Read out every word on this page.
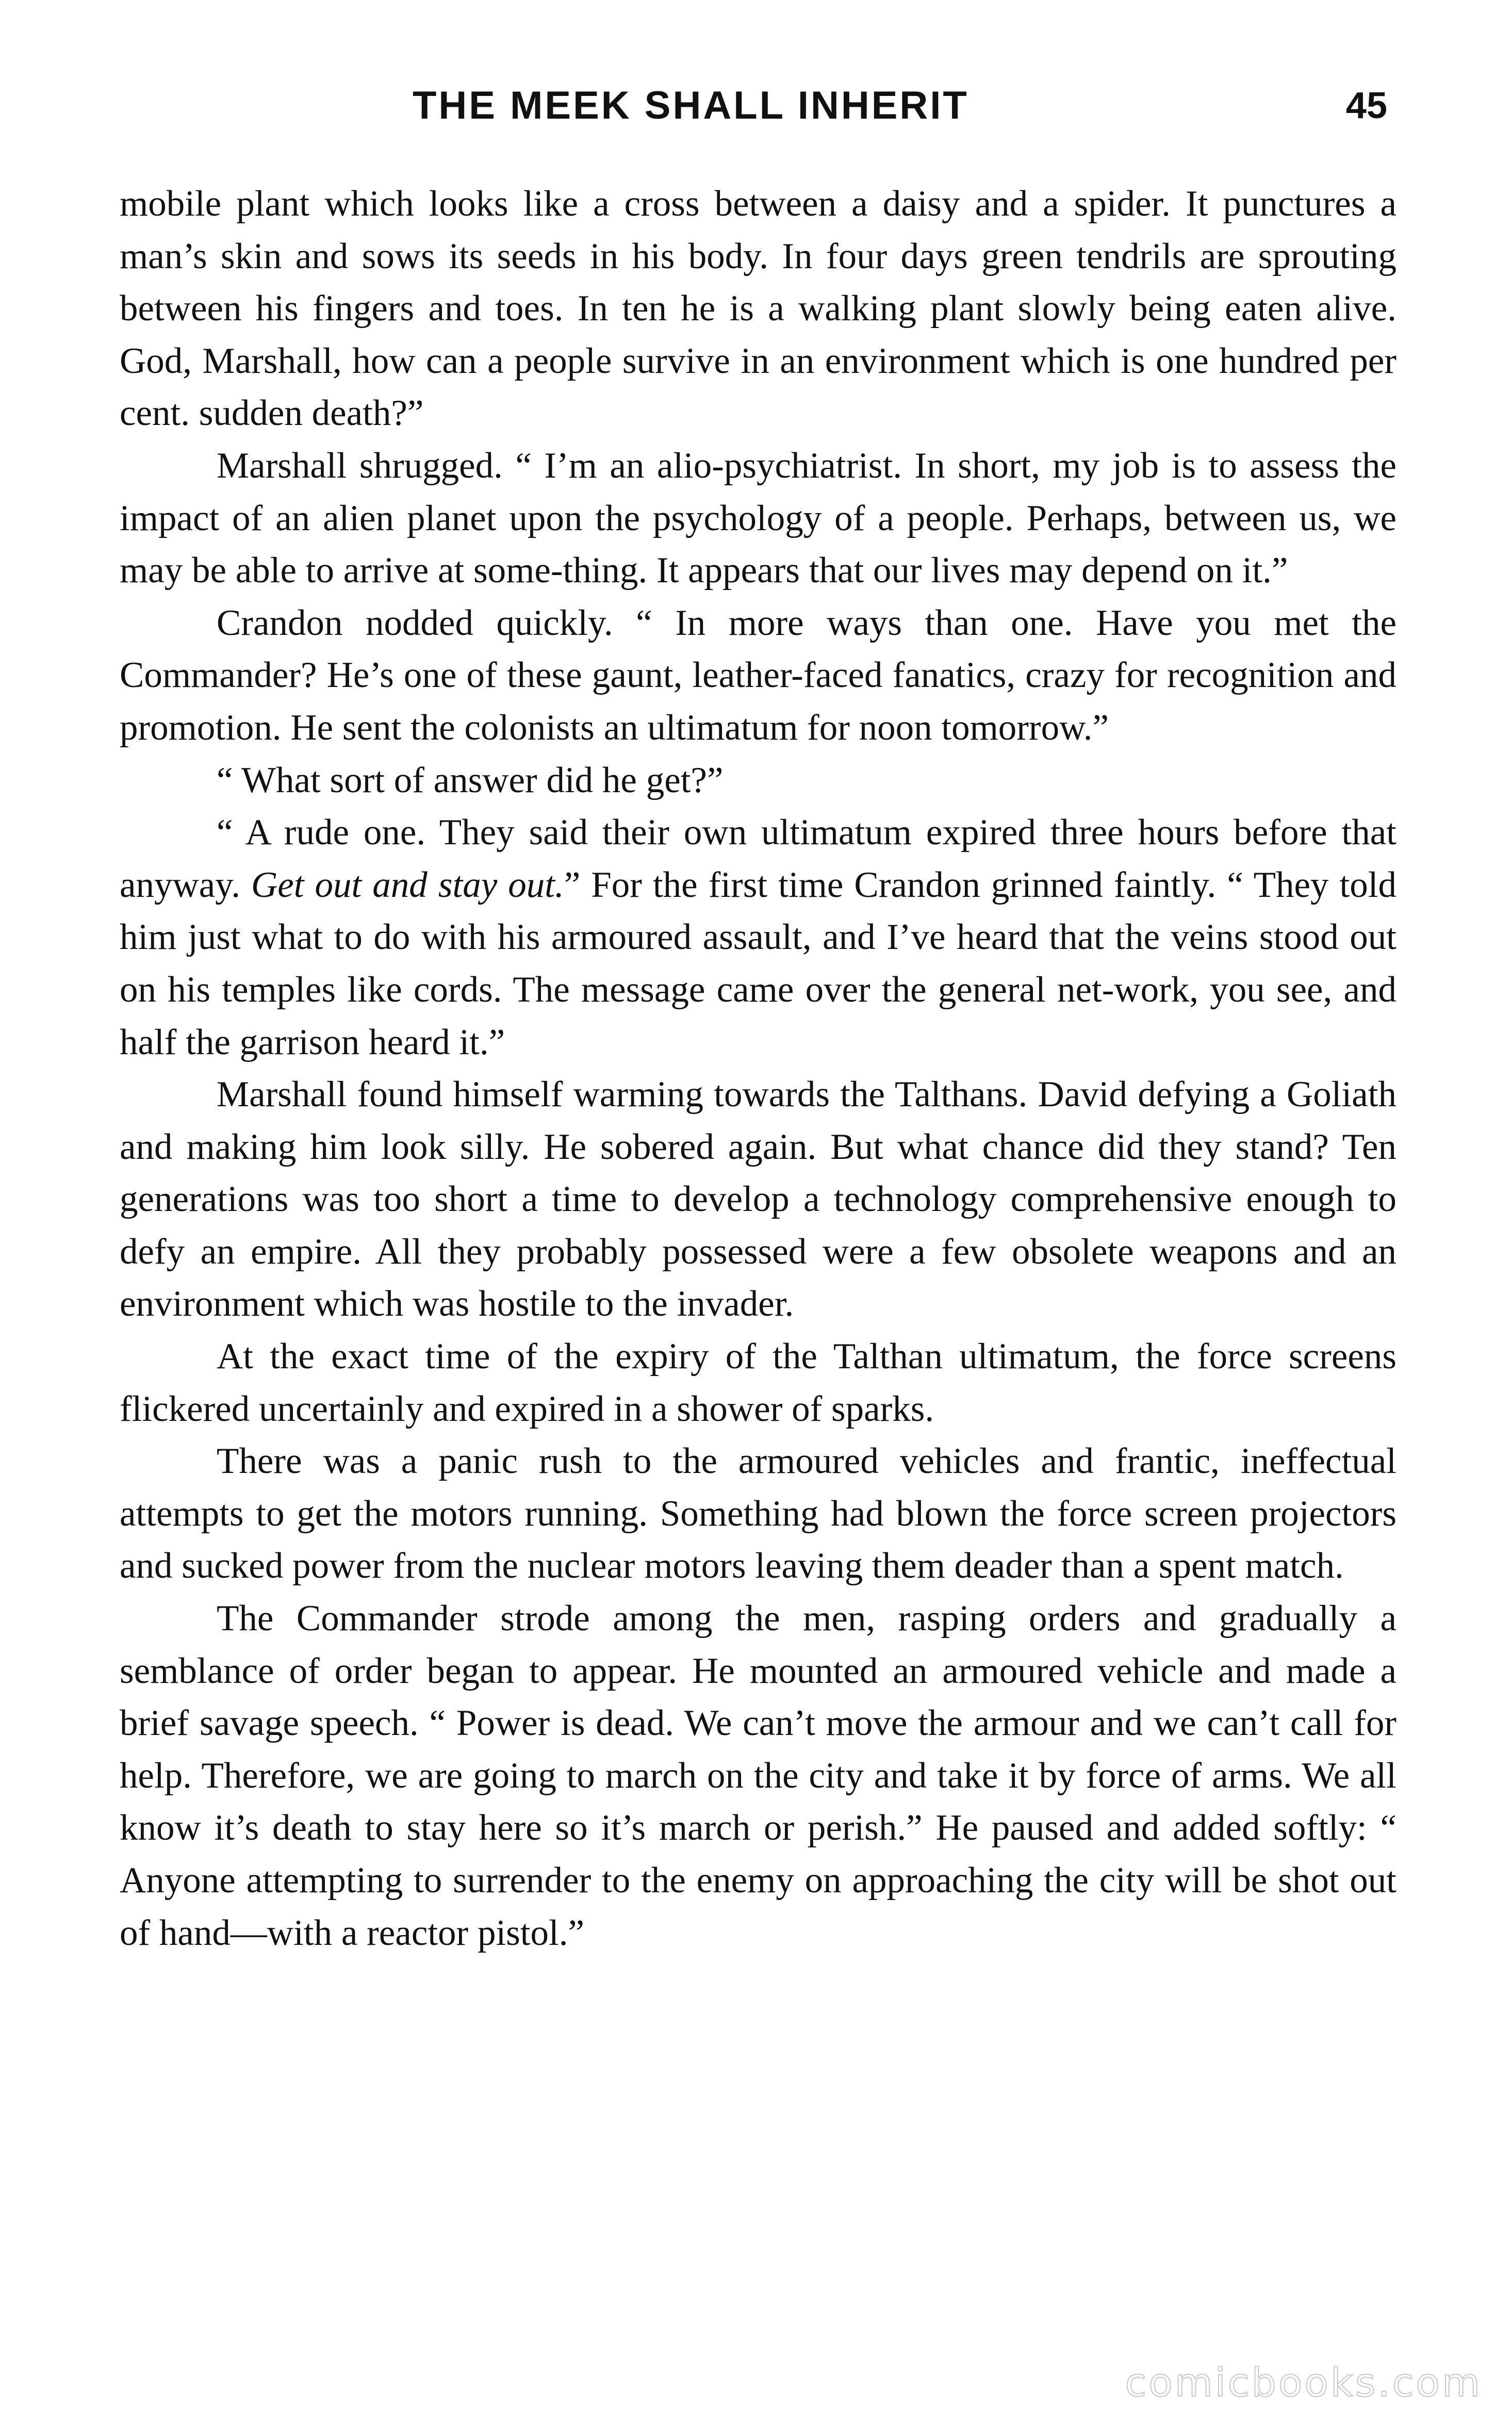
THE MEEK SHALL INHERIT	45

mobile plant which looks like a cross between a daisy and a spider. It punctures a man’s skin and sows its seeds in his body. In four days green tendrils are sprouting between his fingers and toes. In ten he is a walking plant slowly being eaten alive. God, Marshall, how can a people survive in an environment which is one hundred per cent. sudden death?”

Marshall shrugged. “ I’m an alio-psychiatrist. In short, my job is to assess the impact of an alien planet upon the psychology of a people. Perhaps, between us, we may be able to arrive at some-thing. It appears that our lives may depend on it.”

Crandon nodded quickly. “ In more ways than one. Have you met the Commander? He’s one of these gaunt, leather-faced fanatics, crazy for recognition and promotion. He sent the colonists an ultimatum for noon tomorrow.”

“ What sort of answer did he get?”

“ A rude one. They said their own ultimatum expired three hours before that anyway. Get out and stay out.” For the first time Crandon grinned faintly. “ They told him just what to do with his armoured assault, and I’ve heard that the veins stood out on his temples like cords. The message came over the general net-work, you see, and half the garrison heard it.”

Marshall found himself warming towards the Talthans. David defying a Goliath and making him look silly. He sobered again. But what chance did they stand? Ten generations was too short a time to develop a technology comprehensive enough to defy an empire. All they probably possessed were a few obsolete weapons and an environment which was hostile to the invader.

At the exact time of the expiry of the Talthan ultimatum, the force screens flickered uncertainly and expired in a shower of sparks.

There was a panic rush to the armoured vehicles and frantic, ineffectual attempts to get the motors running. Something had blown the force screen projectors and sucked power from the nuclear motors leaving them deader than a spent match.

The Commander strode among the men, rasping orders and gradually a semblance of order began to appear. He mounted an armoured vehicle and made a brief savage speech. “ Power is dead. We can’t move the armour and we can’t call for help. Therefore, we are going to march on the city and take it by force of arms. We all know it’s death to stay here so it’s march or perish.” He paused and added softly: “ Anyone attempting to surrender to the enemy on approaching the city will be shot out of hand—with a reactor pistol.”

comicbooks.com
